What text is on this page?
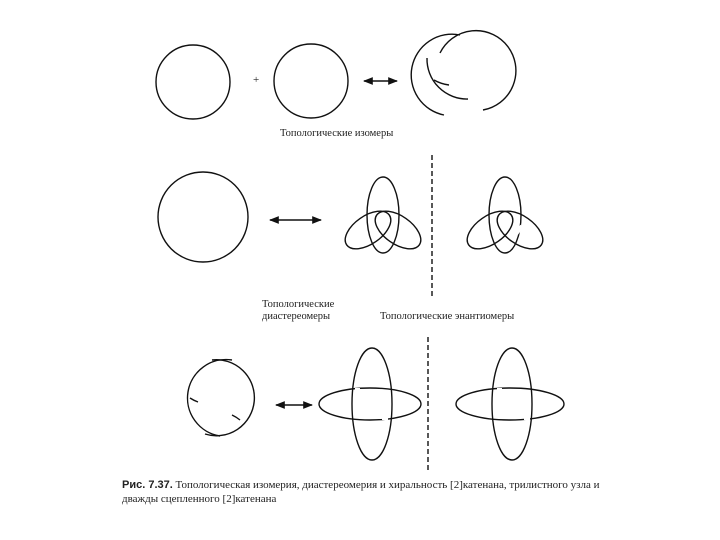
+
Топологические изомеры
Топологические
диастереомеры	Топологические энантиомеры
Рис. 7.37. Топологическая изомерия, диастереомерия и хиральность [2]катенана, трилистного узла и дважды сцепленного [2]катенана
